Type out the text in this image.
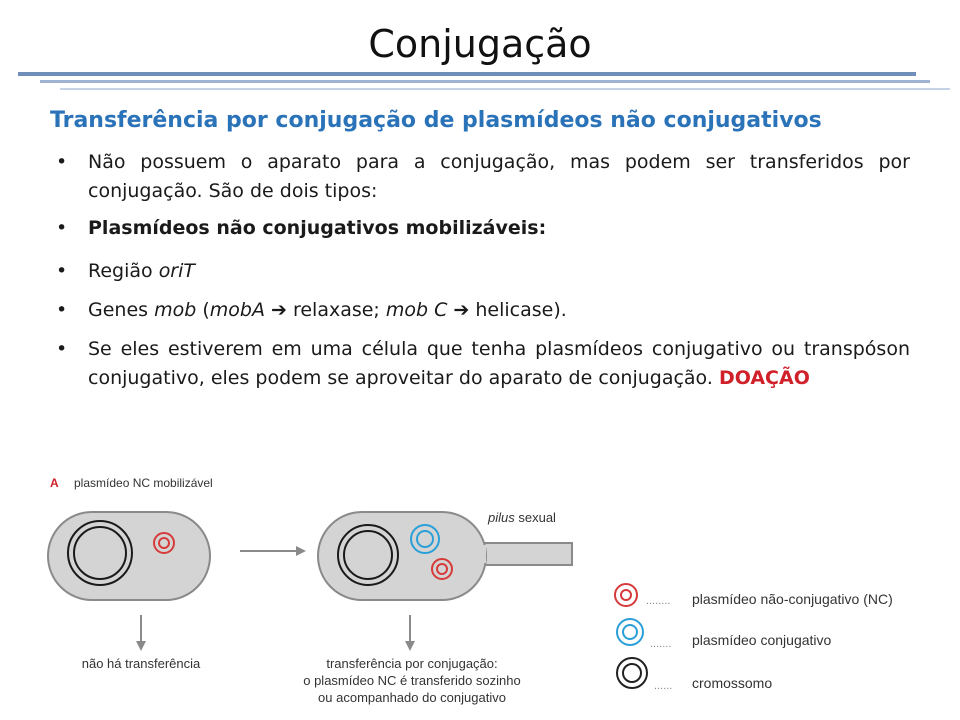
Conjugação
Transferência por conjugação de plasmídeos não conjugativos
• Não possuem o aparato para a conjugação, mas podem ser transferidos por conjugação. São de dois tipos:
• Plasmídeos não conjugativos mobilizáveis:
• Região oriT
• Genes mob (mobA ➔ relaxase; mob C ➔ helicase).
• Se eles estiverem em uma célula que tenha plasmídeos conjugativo ou transpóson conjugativo, eles podem se aproveitar do aparato de conjugação. DOAÇÃO
A plasmídeo NC mobilizável
pilus sexual
não há transferência	transferência por conjugação:
o plasmídeo NC é transferido sozinho
ou acompanhado do conjugativo
........ plasmídeo não-conjugativo (NC)
....... plasmídeo conjugativo
...... cromossomo
